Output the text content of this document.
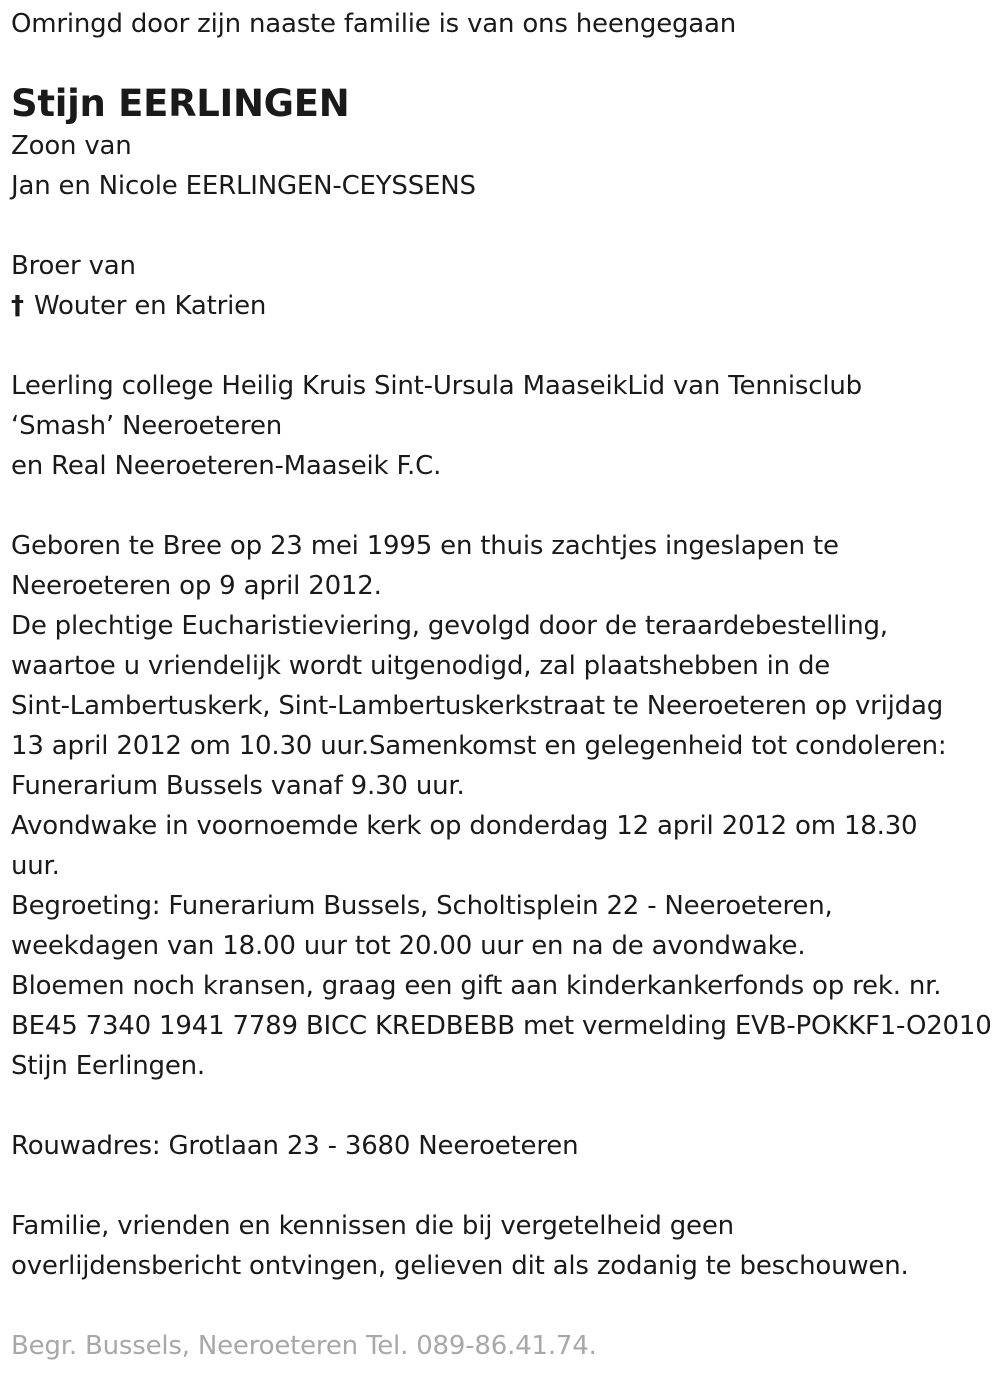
Omringd door zijn naaste familie is van ons heengegaan
Stijn EERLINGEN
Zoon van
Jan en Nicole EERLINGEN-CEYSSENS
Broer van
† Wouter en Katrien
Leerling college Heilig Kruis Sint-Ursula MaaseikLid van Tennisclub
‘Smash’ Neeroeteren
en Real Neeroeteren-Maaseik F.C.
Geboren te Bree op 23 mei 1995 en thuis zachtjes ingeslapen te
Neeroeteren op 9 april 2012.
De plechtige Eucharistieviering, gevolgd door de teraardebestelling,
waartoe u vriendelijk wordt uitgenodigd, zal plaatshebben in de
Sint-Lambertuskerk, Sint-Lambertuskerkstraat te Neeroeteren op vrijdag
13 april 2012 om 10.30 uur.Samenkomst en gelegenheid tot condoleren:
Funerarium Bussels vanaf 9.30 uur.
Avondwake in voornoemde kerk op donderdag 12 april 2012 om 18.30
uur.
Begroeting: Funerarium Bussels, Scholtisplein 22 - Neeroeteren,
weekdagen van 18.00 uur tot 20.00 uur en na de avondwake.
Bloemen noch kransen, graag een gift aan kinderkankerfonds op rek. nr.
BE45 7340 1941 7789 BICC KREDBEBB met vermelding EVB-POKKF1-O2010
Stijn Eerlingen.
Rouwadres: Grotlaan 23 - 3680 Neeroeteren
Familie, vrienden en kennissen die bij vergetelheid geen
overlijdensbericht ontvingen, gelieven dit als zodanig te beschouwen.
Begr. Bussels, Neeroeteren Tel. 089-86.41.74.
